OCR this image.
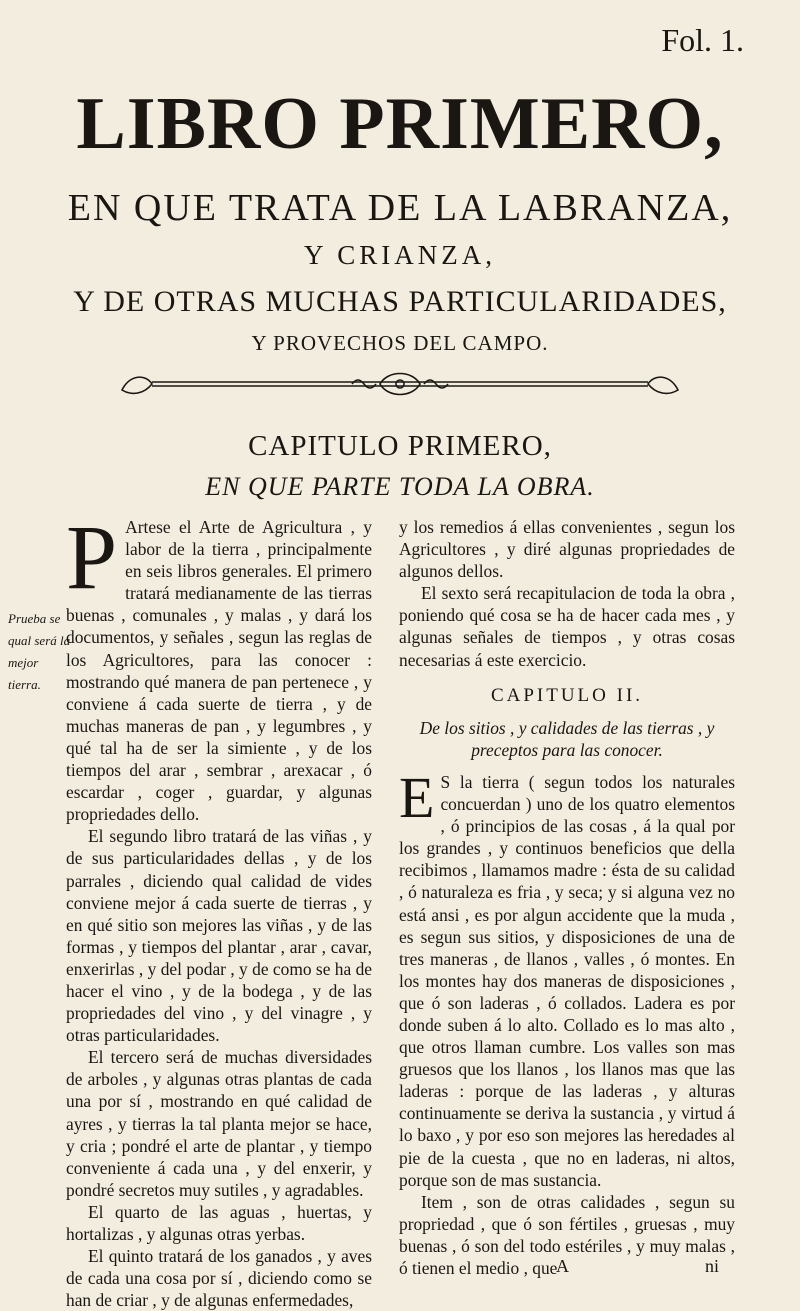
Fol. 1.
LIBRO PRIMERO,
EN QUE TRATA DE LA LABRANZA,
Y CRIANZA,
Y DE OTRAS MUCHAS PARTICULARIDADES,
Y PROVECHOS DEL CAMPO.
CAPITULO PRIMERO,
EN QUE PARTE TODA LA OBRA.
Prueba se qual será la mejor tierra.

P Artese el Arte de Agricultura , y labor de la tierra , principalmente en seis libros generales. El primero tratará medianamente de las tierras buenas , comunales , y malas , y dará los documentos, y señales , segun las reglas de los Agricultores, para las conocer : mostrando qué manera de pan pertenece , y conviene á cada suerte de tierra , y de muchas maneras de pan , y legumbres , y qué tal ha de ser la simiente , y de los tiempos del arar , sembrar , arexacar , ó escardar , coger , guardar, y algunas propriedades dello.

El segundo libro tratará de las viñas , y de sus particularidades dellas , y de los parrales , diciendo qual calidad de vides conviene mejor á cada suerte de tierras , y en qué sitio son mejores las viñas , y de las formas , y tiempos del plantar , arar , cavar, enxerirlas , y del podar , y de como se ha de hacer el vino , y de la bodega , y de las propriedades del vino , y del vinagre , y otras particularidades.

El tercero será de muchas diversidades de arboles , y algunas otras plantas de cada una por sí , mostrando en qué calidad de ayres , y tierras la tal planta mejor se hace, y cria ; pondré el arte de plantar , y tiempo conveniente á cada una , y del enxerir, y pondré secretos muy sutiles , y agradables.

El quarto de las aguas , huertas, y hortalizas , y algunas otras yerbas.

El quinto tratará de los ganados , y aves de cada una cosa por sí , diciendo como se han de criar , y de algunas enfermedades,

y los remedios á ellas convenientes , segun los Agricultores , y diré algunas propriedades de algunos dellos.

El sexto será recapitulacion de toda la obra , poniendo qué cosa se ha de hacer cada mes , y algunas señales de tiempos , y otras cosas necesarias á este exercicio.

CAPITULO II.

De los sitios , y calidades de las tierras , y preceptos para las conocer.

E S la tierra ( segun todos los naturales concuerdan ) uno de los quatro elementos , ó principios de las cosas , á la qual por los grandes , y continuos beneficios que della recibimos , llamamos madre : ésta de su calidad , ó naturaleza es fria , y seca; y si alguna vez no está ansi , es por algun accidente que la muda , es segun sus sitios, y disposiciones de una de tres maneras , de llanos , valles , ó montes. En los montes hay dos maneras de disposiciones , que ó son laderas , ó collados. Ladera es por donde suben á lo alto. Collado es lo mas alto , que otros llaman cumbre. Los valles son mas gruesos que los llanos , los llanos mas que las laderas : porque de las laderas , y alturas continuamente se deriva la sustancia , y virtud á lo baxo , y por eso son mejores las heredades al pie de la cuesta , que no en laderas, ni altos, porque son de mas sustancia.

Item , son de otras calidades , segun su propriedad , que ó son fértiles , gruesas , muy buenas , ó son del todo estériles , y muy malas , ó tienen el medio , que

A	ni
